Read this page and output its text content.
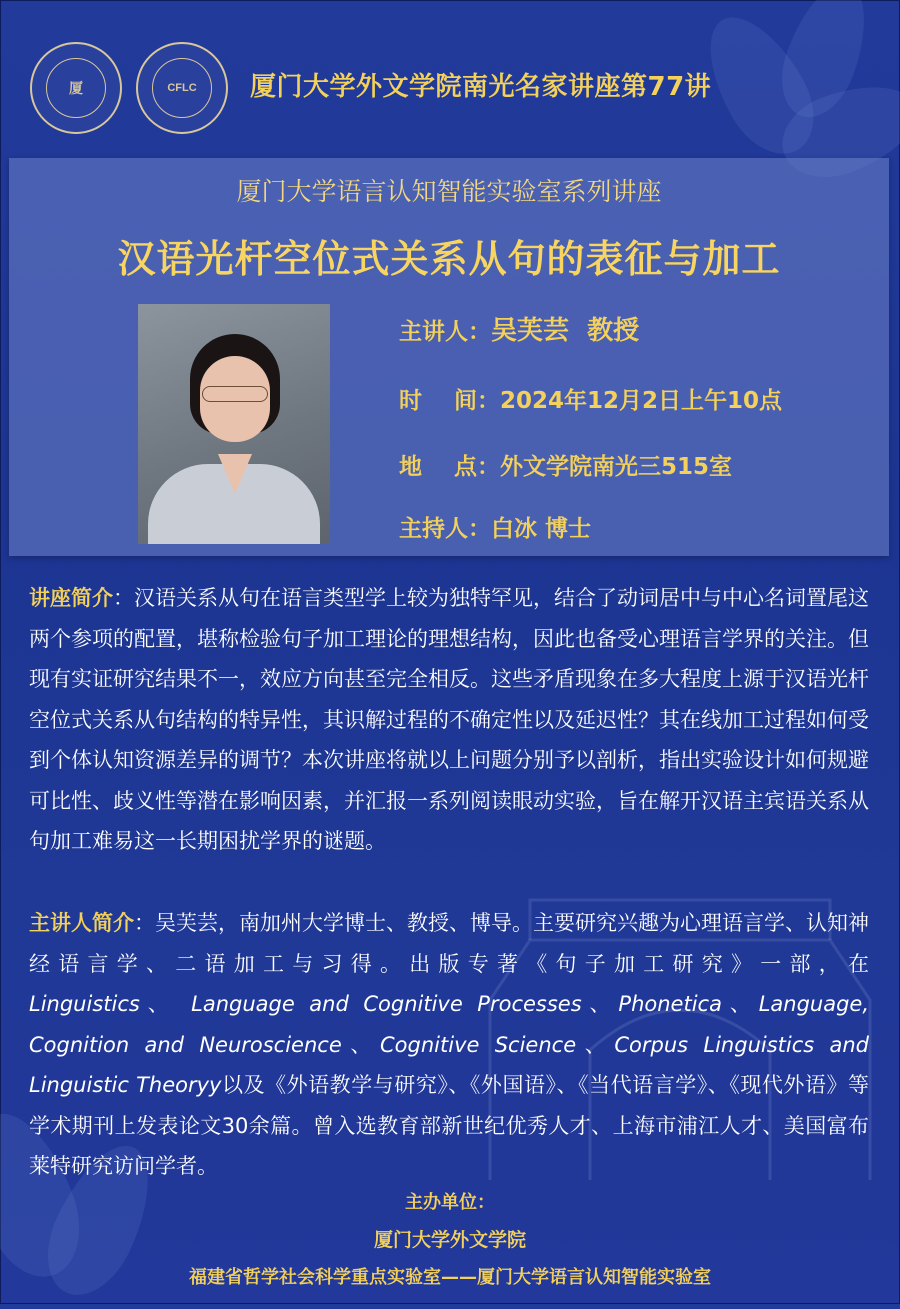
厦	CFLC	厦门大学外文学院南光名家讲座第77讲
厦门大学语言认知智能实验室系列讲座
汉语光杆空位式关系从句的表征与加工
主讲人：吴芙芸  教授
时    间：2024年12月2日上午10点
地    点：外文学院南光三515室
主持人：白冰 博士
讲座简介：汉语关系从句在语言类型学上较为独特罕见，结合了动词居中与中心名词置尾这两个参项的配置，堪称检验句子加工理论的理想结构，因此也备受心理语言学界的关注。但现有实证研究结果不一，效应方向甚至完全相反。这些矛盾现象在多大程度上源于汉语光杆空位式关系从句结构的特异性，其识解过程的不确定性以及延迟性？其在线加工过程如何受到个体认知资源差异的调节？本次讲座将就以上问题分别予以剖析，指出实验设计如何规避可比性、歧义性等潜在影响因素，并汇报一系列阅读眼动实验，旨在解开汉语主宾语关系从句加工难易这一长期困扰学界的谜题。
主讲人简介：吴芙芸，南加州大学博士、教授、博导。主要研究兴趣为心理语言学、认知神经语言学、二语加工与习得。出版专著《句子加工研究》一部，在Linguistics、 Language and Cognitive Processes、Phonetica、Language, Cognition and Neuroscience、Cognitive Science、Corpus Linguistics and Linguistic Theoryy以及《外语教学与研究》、《外国语》、《当代语言学》、《现代外语》等学术期刊上发表论文30余篇。曾入选教育部新世纪优秀人才、上海市浦江人才、美国富布莱特研究访问学者。
主办单位：
厦门大学外文学院
福建省哲学社会科学重点实验室——厦门大学语言认知智能实验室
